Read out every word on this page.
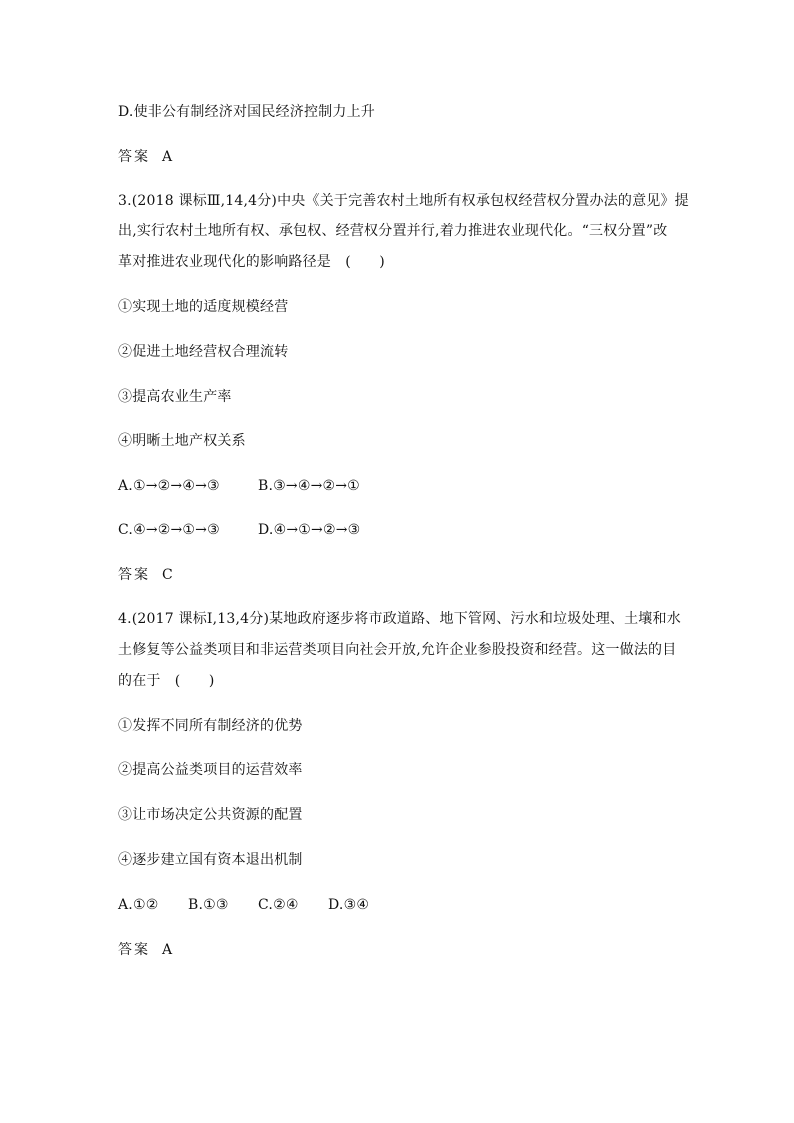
D.使非公有制经济对国民经济控制力上升
答案 A
3.(2018 课标Ⅲ,14,4分)中央《关于完善农村土地所有权承包权经营权分置办法的意见》提
出,实行农村土地所有权、承包权、经营权分置并行,着力推进农业现代化。“三权分置”改
革对推进农业现代化的影响路径是　(　　)
①实现土地的适度规模经营
②促进土地经营权合理流转
③提高农业生产率
④明晰土地产权关系
A.①→②→④→③	B.③→④→②→①
C.④→②→①→③	D.④→①→②→③
答案 C
4.(2017 课标Ⅰ,13,4分)某地政府逐步将市政道路、地下管网、污水和垃圾处理、土壤和水
土修复等公益类项目和非运营类项目向社会开放,允许企业参股投资和经营。这一做法的目
的在于　(　　)
①发挥不同所有制经济的优势
②提高公益类项目的运营效率
③让市场决定公共资源的配置
④逐步建立国有资本退出机制
A.①② B.①③ C.②④ D.③④
答案 A
